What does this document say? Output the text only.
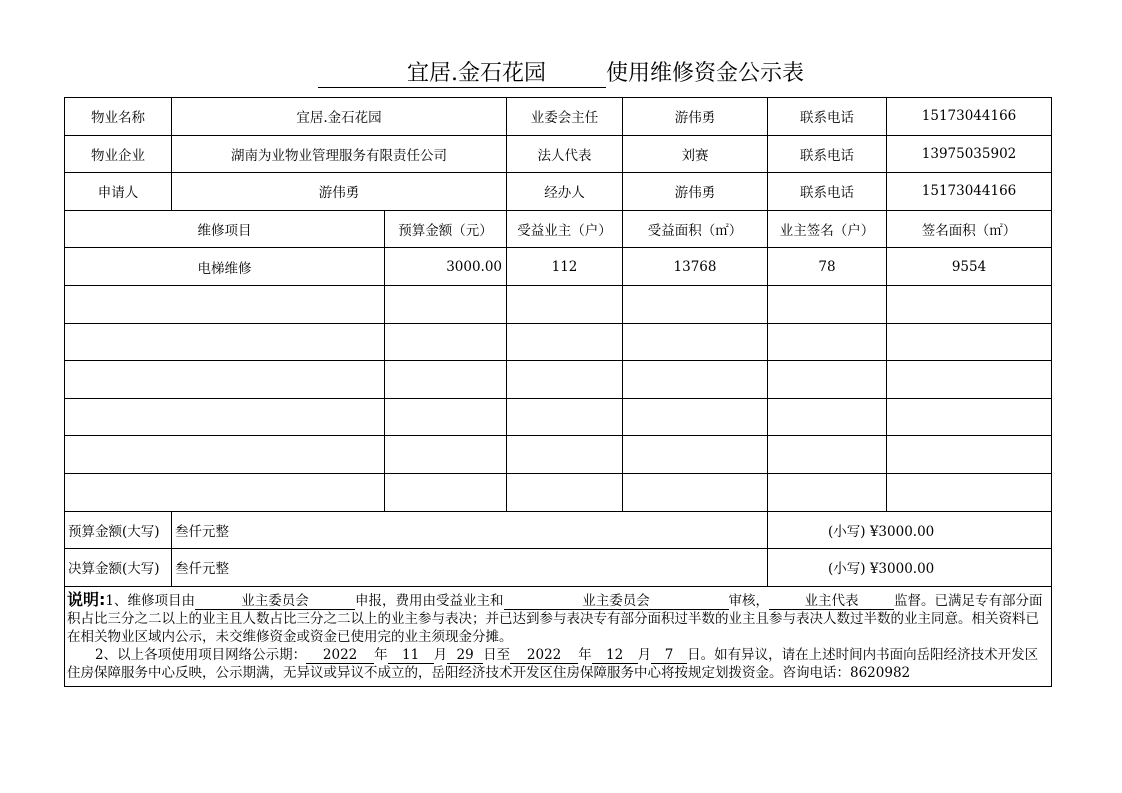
宜居.金石花园	使用维修资金公示表
物业名称	宜居.金石花园		业委会主任	游伟勇	联系电话	15173044166
物业企业	湖南为业物业管理服务有限责任公司		法人代表	刘赛	联系电话	13975035902
申请人	游伟勇		经办人	游伟勇	联系电话	15173044166
维修项目		预算金额（元）	受益业主（户）	受益面积（㎡）	业主签名（户）	签名面积（㎡）
电梯维修		3000.00	112	13768	78	9554

预算金额(大写)	叁仟元整				(小写) ¥3000.00	
决算金额(大写)	叁仟元整				(小写) ¥3000.00	
说明:1、维修项目由 业主委员会 申报，费用由受益业主和 业主委员会 审核， 业主代表 监督。已满足专有部分面积占比三分之二以上的业主且人数占比三分之二以上的业主参与表决；并已达到参与表决专有部分面积过半数的业主且参与表决人数过半数的业主同意。相关资料已在相关物业区域内公示，未交维修资金或资金已使用完的业主须现金分摊。
2、以上各项使用项目网络公示期： 2022 年 11 月 29 日至 2022 年 12 月 7 日。如有异议，请在上述时间内书面向岳阳经济技术开发区住房保障服务中心反映，公示期满，无异议或异议不成立的，岳阳经济技术开发区住房保障服务中心将按规定划拨资金。咨询电话：8620982						
